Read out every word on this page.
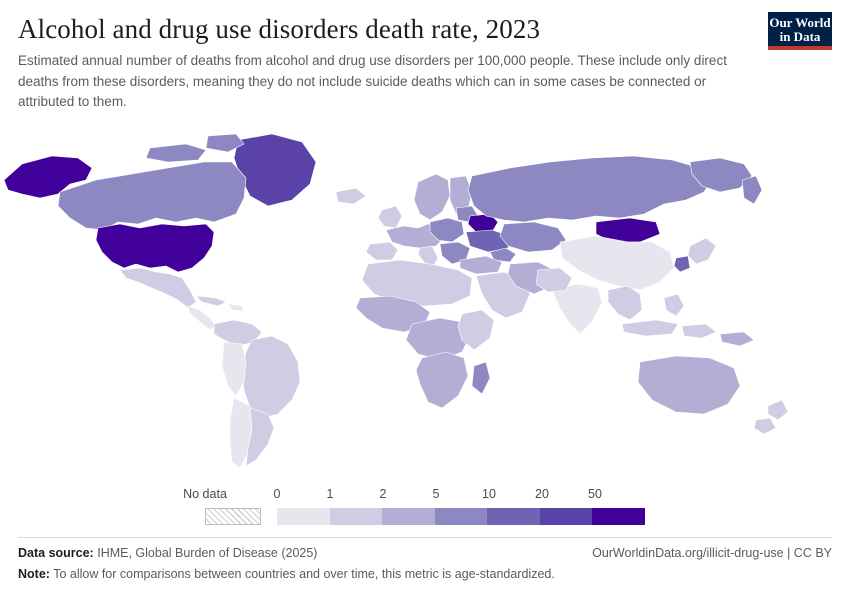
Our World
in Data
Alcohol and drug use disorders death rate, 2023

Estimated annual number of deaths from alcohol and drug use disorders per 100,000 people. These include only direct deaths from these disorders, meaning they do not include suicide deaths which can in some cases be connected or attributed to them.

No data	0	1	2	5	10	20	50
Data source: IHME, Global Burden of Disease (2025)	OurWorldinData.org/illicit-drug-use | CC BY
Note: To allow for comparisons between countries and over time, this metric is age-standardized.
